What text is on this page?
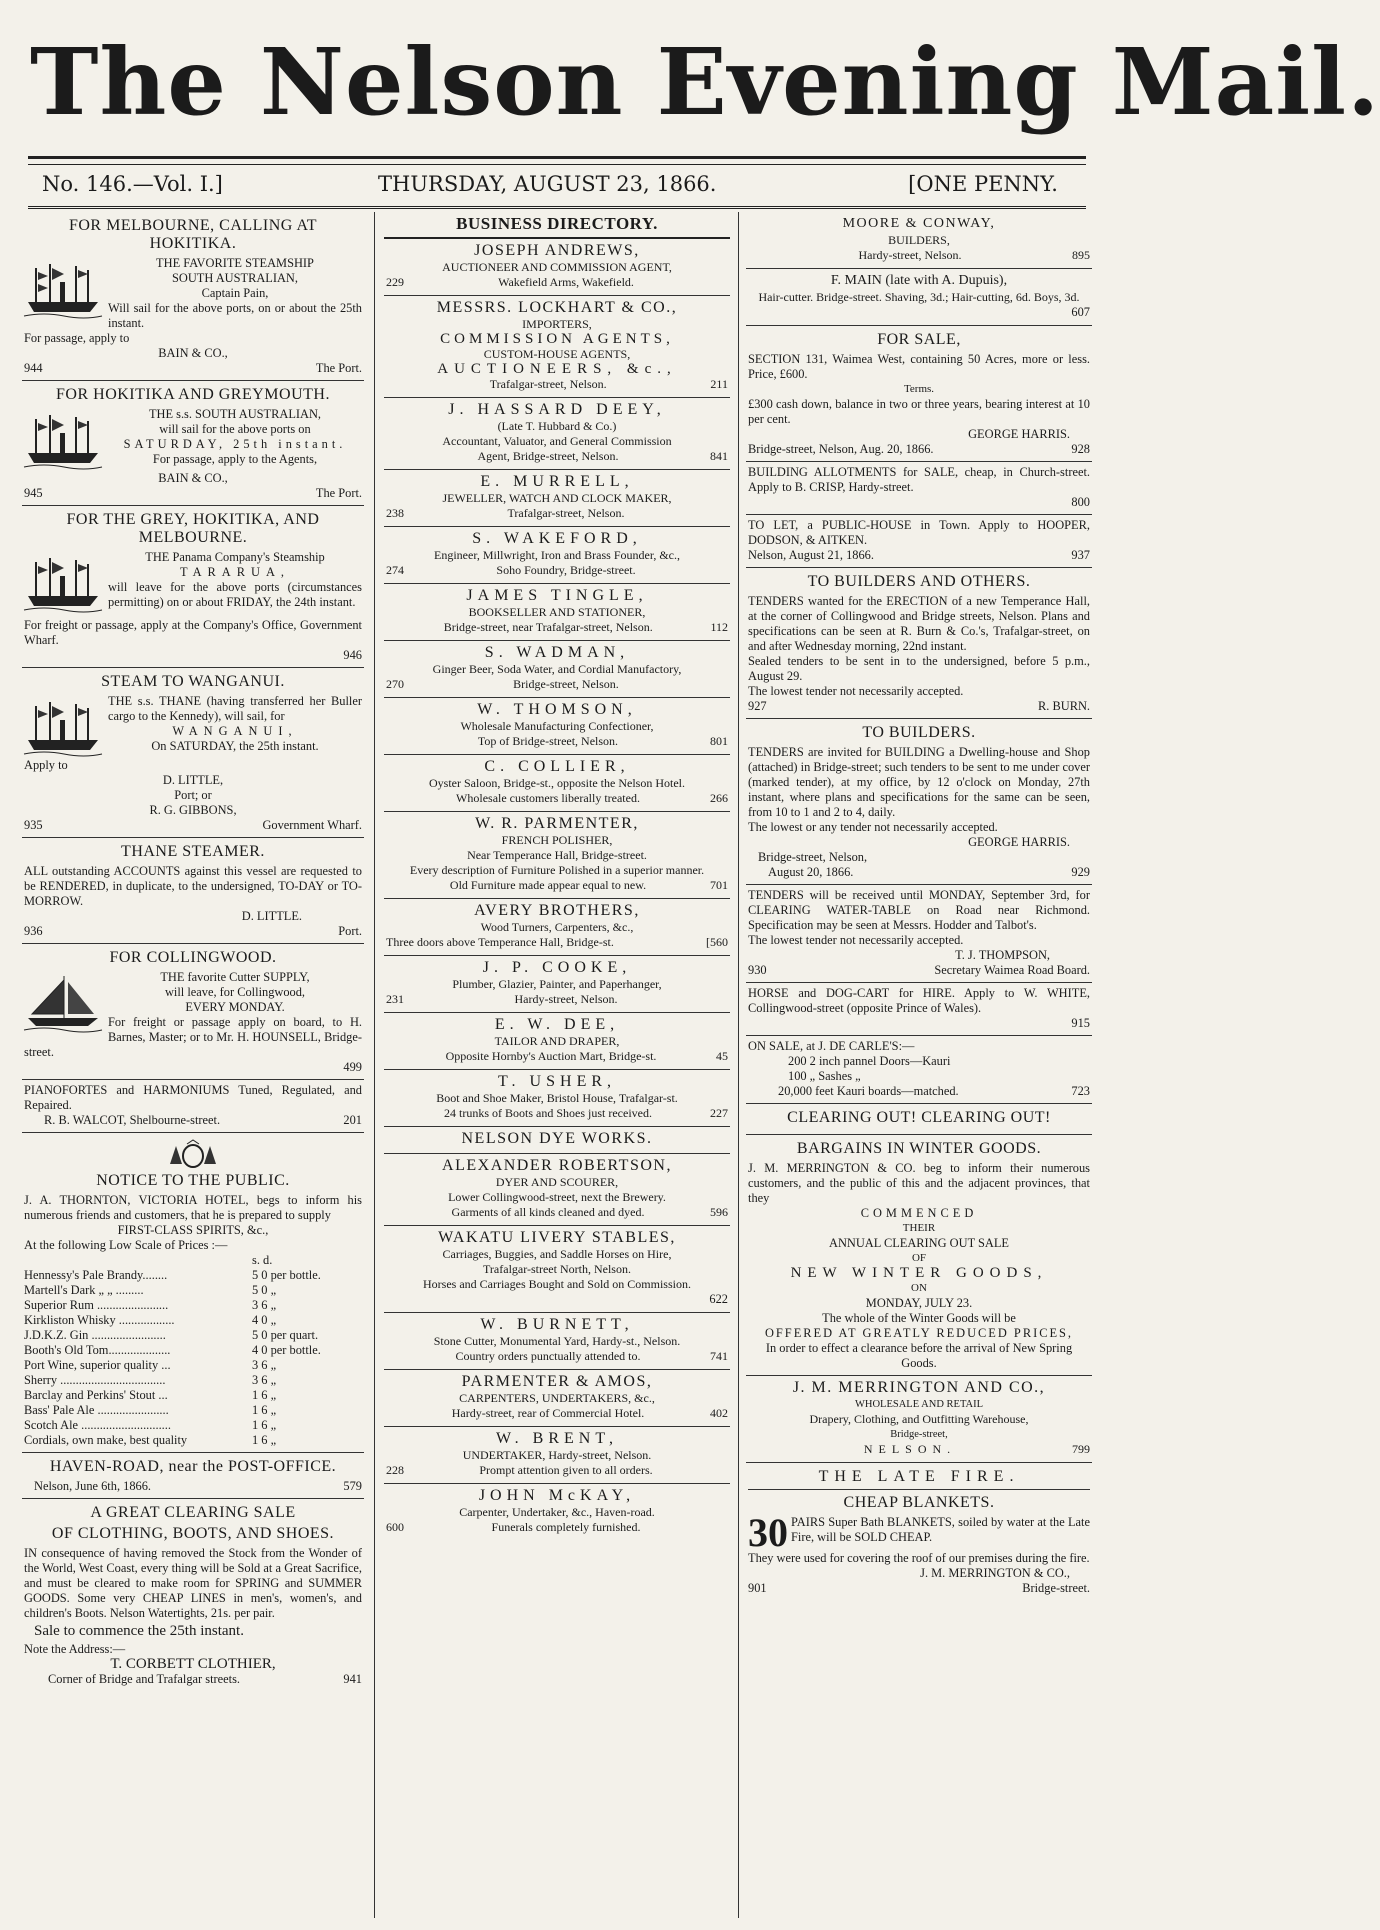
The Nelson Evening Mail.
No. 146.—Vol. I.]	THURSDAY, AUGUST 23, 1866.	[ONE PENNY.
FOR MELBOURNE, CALLING AT HOKITIKA.
THE FAVORITE STEAMSHIP
SOUTH AUSTRALIAN,
Captain Pain,
Will sail for the above ports, on or about the 25th instant.
For passage, apply to
BAIN & CO.,
944	The Port.
FOR HOKITIKA AND GREYMOUTH.
THE s.s. SOUTH AUSTRALIAN,
will sail for the above ports on
SATURDAY, 25th instant.
For passage, apply to the Agents,
BAIN & CO.,
945	The Port.
FOR THE GREY, HOKITIKA, AND MELBOURNE.
THE Panama Company's Steamship
TARARUA,
will leave for the above ports (circumstances permitting) on or about FRIDAY, the 24th instant.
For freight or passage, apply at the Company's Office, Government Wharf.
946
STEAM TO WANGANUI.
THE s.s. THANE (having transferred her Buller cargo to the Kennedy), will sail, for
WANGANUI,
On SATURDAY, the 25th instant.
Apply to
D. LITTLE,
Port; or
R. G. GIBBONS,
935	Government Wharf.
THANE STEAMER.
ALL outstanding ACCOUNTS against this vessel are requested to be RENDERED, in duplicate, to the undersigned, TO-DAY or TO-MORROW.
D. LITTLE.
936	Port.
FOR COLLINGWOOD.
THE favorite Cutter SUPPLY,
will leave, for Collingwood,
EVERY MONDAY.
For freight or passage apply on board, to H. Barnes, Master; or to Mr. H. HOUNSELL, Bridge-street.
499
PIANOFORTES and HARMONIUMS Tuned, Regulated, and Repaired.
R. B. WALCOT, Shelbourne-street.	201
NOTICE TO THE PUBLIC.
J. A. THORNTON, VICTORIA HOTEL, begs to inform his numerous friends and customers, that he is prepared to supply
FIRST-CLASS SPIRITS, &c.,
At the following Low Scale of Prices :—
s. d.
Hennessy's Pale Brandy........	5 0 per bottle.
Martell's Dark „ „ .........	5 0 „
Superior Rum .......................	3 6 „
Kirkliston Whisky ..................	4 0 „
J.D.K.Z. Gin ........................	5 0 per quart.
Booth's Old Tom....................	4 0 per bottle.
Port Wine, superior quality ...	3 6 „
Sherry ..................................	3 6 „
Barclay and Perkins' Stout ...	1 6 „
Bass' Pale Ale .......................	1 6 „
Scotch Ale .............................	1 6 „
Cordials, own make, best quality	1 6 „
HAVEN-ROAD, near the POST-OFFICE.
Nelson, June 6th, 1866.	579
A GREAT CLEARING SALE
OF CLOTHING, BOOTS, AND SHOES.
IN consequence of having removed the Stock from the Wonder of the World, West Coast, every thing will be Sold at a Great Sacrifice, and must be cleared to make room for SPRING and SUMMER GOODS. Some very CHEAP LINES in men's, women's, and children's Boots. Nelson Watertights, 21s. per pair.
Sale to commence the 25th instant.
Note the Address:—
T. CORBETT CLOTHIER,
Corner of Bridge and Trafalgar streets.	941
BUSINESS DIRECTORY.
JOSEPH ANDREWS,
AUCTIONEER AND COMMISSION AGENT,
229	Wakefield Arms, Wakefield.
MESSRS. LOCKHART & CO.,
IMPORTERS,
COMMISSION AGENTS,
CUSTOM-HOUSE AGENTS,
AUCTIONEERS, &c.,
Trafalgar-street, Nelson.	211
J. HASSARD DEEY,
(Late T. Hubbard & Co.)
Accountant, Valuator, and General Commission
Agent, Bridge-street, Nelson.	841
E. MURRELL,
JEWELLER, WATCH AND CLOCK MAKER,
238	Trafalgar-street, Nelson.
S. WAKEFORD,
Engineer, Millwright, Iron and Brass Founder, &c.,
274	Soho Foundry, Bridge-street.
JAMES TINGLE,
BOOKSELLER AND STATIONER,
Bridge-street, near Trafalgar-street, Nelson.	112
S. WADMAN,
Ginger Beer, Soda Water, and Cordial Manufactory,
270	Bridge-street, Nelson.
W. THOMSON,
Wholesale Manufacturing Confectioner,
Top of Bridge-street, Nelson.	801
C. COLLIER,
Oyster Saloon, Bridge-st., opposite the Nelson Hotel.
Wholesale customers liberally treated.	266
W. R. PARMENTER,
FRENCH POLISHER,
Near Temperance Hall, Bridge-street.
Every description of Furniture Polished in a superior manner.
Old Furniture made appear equal to new.	701
AVERY BROTHERS,
Wood Turners, Carpenters, &c.,
Three doors above Temperance Hall, Bridge-st.	[560
J. P. COOKE,
Plumber, Glazier, Painter, and Paperhanger,
231	Hardy-street, Nelson.
E. W. DEE,
TAILOR AND DRAPER,
Opposite Hornby's Auction Mart, Bridge-st.	45
T. USHER,
Boot and Shoe Maker, Bristol House, Trafalgar-st.
24 trunks of Boots and Shoes just received.	227
NELSON DYE WORKS.
ALEXANDER ROBERTSON,
DYER AND SCOURER,
Lower Collingwood-street, next the Brewery.
Garments of all kinds cleaned and dyed.	596
WAKATU LIVERY STABLES,
Carriages, Buggies, and Saddle Horses on Hire,
Trafalgar-street North, Nelson.
Horses and Carriages Bought and Sold on Commission.
622
W. BURNETT,
Stone Cutter, Monumental Yard, Hardy-st., Nelson.
Country orders punctually attended to.	741
PARMENTER & AMOS,
CARPENTERS, UNDERTAKERS, &c.,
Hardy-street, rear of Commercial Hotel.	402
W. BRENT,
UNDERTAKER, Hardy-street, Nelson.
228	Prompt attention given to all orders.
JOHN McKAY,
Carpenter, Undertaker, &c., Haven-road.
600	Funerals completely furnished.
MOORE & CONWAY,
BUILDERS,
Hardy-street, Nelson.	895
F. MAIN (late with A. Dupuis),
Hair-cutter. Bridge-street. Shaving, 3d.; Hair-cutting, 6d. Boys, 3d.
607
FOR SALE,
SECTION 131, Waimea West, containing 50 Acres, more or less. Price, £600.
Terms.
£300 cash down, balance in two or three years, bearing interest at 10 per cent.
GEORGE HARRIS.
Bridge-street, Nelson, Aug. 20, 1866.	928
BUILDING ALLOTMENTS for SALE, cheap, in Church-street. Apply to B. CRISP, Hardy-street.
800
TO LET, a PUBLIC-HOUSE in Town. Apply to HOOPER, DODSON, & AITKEN.
Nelson, August 21, 1866.	937
TO BUILDERS AND OTHERS.
TENDERS wanted for the ERECTION of a new Temperance Hall, at the corner of Collingwood and Bridge streets, Nelson. Plans and specifications can be seen at R. Burn & Co.'s, Trafalgar-street, on and after Wednesday morning, 22nd instant.
Sealed tenders to be sent in to the undersigned, before 5 p.m., August 29.
The lowest tender not necessarily accepted.
927	R. BURN.
TO BUILDERS.
TENDERS are invited for BUILDING a Dwelling-house and Shop (attached) in Bridge-street; such tenders to be sent to me under cover (marked tender), at my office, by 12 o'clock on Monday, 27th instant, where plans and specifications for the same can be seen, from 10 to 1 and 2 to 4, daily.
The lowest or any tender not necessarily accepted.
GEORGE HARRIS.
Bridge-street, Nelson,
August 20, 1866.	929
TENDERS will be received until MONDAY, September 3rd, for CLEARING WATER-TABLE on Road near Richmond. Specification may be seen at Messrs. Hodder and Talbot's.
The lowest tender not necessarily accepted.
T. J. THOMPSON,
930	Secretary Waimea Road Board.
HORSE and DOG-CART for HIRE. Apply to W. WHITE, Collingwood-street (opposite Prince of Wales).
915
ON SALE, at J. DE CARLE'S:—
200 2 inch pannel Doors—Kauri
100 „ Sashes „
20,000 feet Kauri boards—matched.	723
CLEARING OUT! CLEARING OUT!
BARGAINS IN WINTER GOODS.
J. M. MERRINGTON & CO. beg to inform their numerous customers, and the public of this and the adjacent provinces, that they
COMMENCED
THEIR
ANNUAL CLEARING OUT SALE
OF
NEW WINTER GOODS,
ON
MONDAY, JULY 23.
The whole of the Winter Goods will be
OFFERED AT GREATLY REDUCED PRICES,
In order to effect a clearance before the arrival of New Spring Goods.
J. M. MERRINGTON AND CO.,
WHOLESALE AND RETAIL
Drapery, Clothing, and Outfitting Warehouse,
Bridge-street,
NELSON.	799
THE LATE FIRE.
CHEAP BLANKETS.
30 PAIRS Super Bath BLANKETS, soiled by water at the Late Fire, will be SOLD CHEAP.
They were used for covering the roof of our premises during the fire.
J. M. MERRINGTON & CO.,
901	Bridge-street.
